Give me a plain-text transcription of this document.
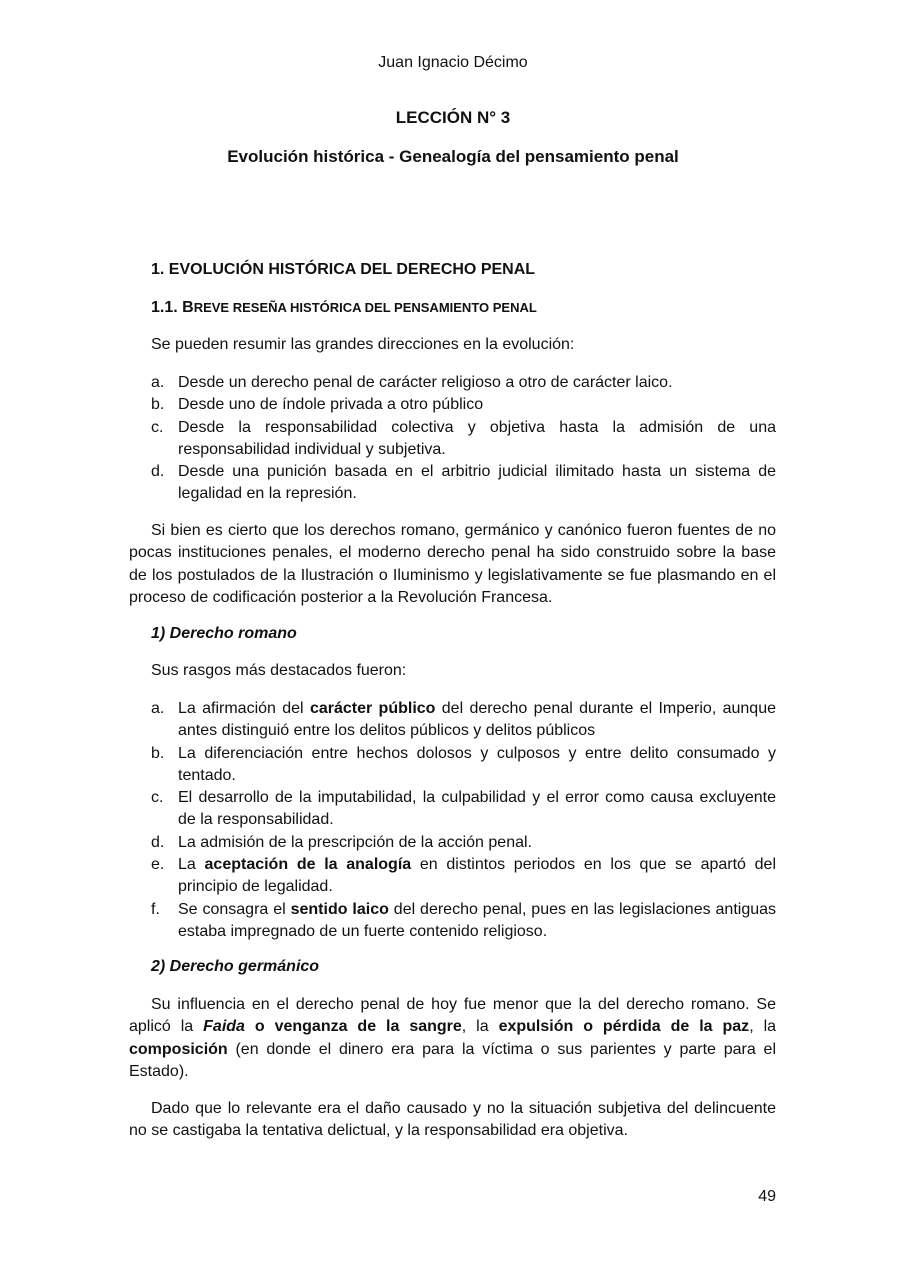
Juan Ignacio Décimo
LECCIÓN N° 3
Evolución histórica - Genealogía del pensamiento penal
1. EVOLUCIÓN HISTÓRICA DEL DERECHO PENAL
1.1. BREVE RESEÑA HISTÓRICA DEL PENSAMIENTO PENAL
Se pueden resumir las grandes direcciones en la evolución:
a. Desde un derecho penal de carácter religioso a otro de carácter laico.
b. Desde uno de índole privada a otro público
c. Desde la responsabilidad colectiva y objetiva hasta la admisión de una responsabilidad individual y subjetiva.
d. Desde una punición basada en el arbitrio judicial ilimitado hasta un sistema de legalidad en la represión.
Si bien es cierto que los derechos romano, germánico y canónico fueron fuentes de no pocas instituciones penales, el moderno derecho penal ha sido construido sobre la base de los postulados de la Ilustración o Iluminismo y legislativamente se fue plasmando en el proceso de codificación posterior a la Revolución Francesa.
1) Derecho romano
Sus rasgos más destacados fueron:
a. La afirmación del carácter público del derecho penal durante el Imperio, aunque antes distinguió entre los delitos públicos y delitos públicos
b. La diferenciación entre hechos dolosos y culposos y entre delito consumado y tentado.
c. El desarrollo de la imputabilidad, la culpabilidad y el error como causa excluyente de la responsabilidad.
d. La admisión de la prescripción de la acción penal.
e. La aceptación de la analogía en distintos periodos en los que se apartó del principio de legalidad.
f. Se consagra el sentido laico del derecho penal, pues en las legislaciones antiguas estaba impregnado de un fuerte contenido religioso.
2) Derecho germánico
Su influencia en el derecho penal de hoy fue menor que la del derecho romano. Se aplicó la Faida o venganza de la sangre, la expulsión o pérdida de la paz, la composición (en donde el dinero era para la víctima o sus parientes y parte para el Estado).
Dado que lo relevante era el daño causado y no la situación subjetiva del delincuente no se castigaba la tentativa delictual, y la responsabilidad era objetiva.
49
